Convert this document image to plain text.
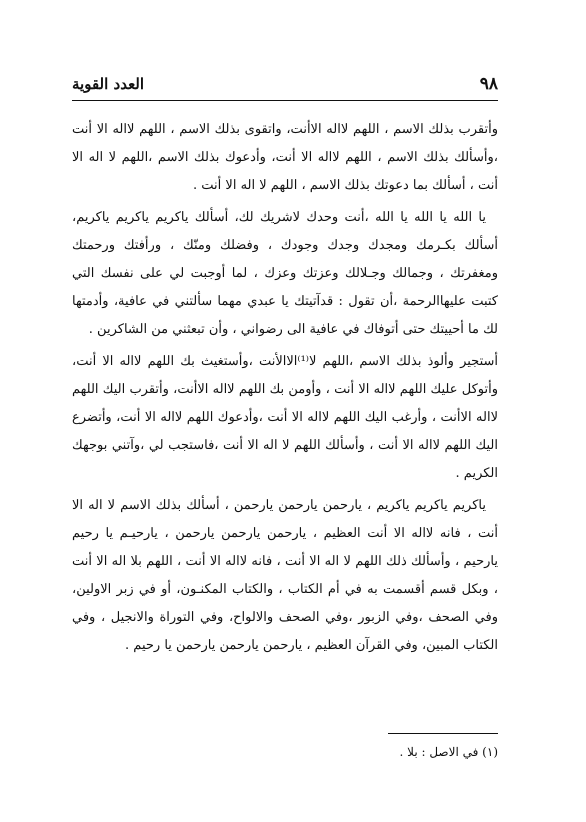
٩٨
العدد القوية

وأتقرب بذلك الاسم ، اللهم لااله الاأنت، واتقوى بذلك الاسم ، اللهم لااله الا أنت ،وأسألك بذلك الاسم ، اللهم لااله الا أنت، وأدعوك بذلك الاسم ،اللهم لا اله الا أنت ، أسألك بما دعوتك بذلك الاسم ، اللهم لا اله الا أنت .

يا الله يا الله يا الله ،أنت وحدك لاشريك لك، أسألك ياكريم ياكريم ياكريم، أسألك بكـرمك ومجدك وجدك وجودك ، وفضلك ومنّك ، ورأفتك ورحمتك ومغفرتك ، وجمالك وجـلالك وعزتك وعزك ، لما أوجبت لي على نفسك التي كتبت عليهاالرحمة ،أن تقول : قدآتيتك يا عبدي مهما سألتني في عافية، وأدمتها لك ما أحييتك حتى أتوفاك في عافية الى رضواني ، وأن تبعثني من الشاكرين .

أستجير وألوذ بذلك الاسم ،اللهم لا⁽¹⁾الاالأنت ،وأستغيث بك اللهم لااله الا أنت، وأتوكل عليك اللهم لااله الا أنت ، وأومن بك اللهم لااله الاأنت، وأتقرب اليك اللهم لااله الاأنت ، وأرغب اليك اللهم لااله الا أنت ،وأدعوك اللهم لااله الا أنت، وأتضرع اليك اللهم لااله الا أنت ، وأسألك اللهم لا اله الا أنت ،فاستجب لي ،وآتني بوجهك الكريم .

ياكريم ياكريم ياكريم ، يارحمن يارحمن يارحمن ، أسألك بذلك الاسم لا اله الا أنت ، فانه لااله الا أنت العظيم ، يارحمن يارحمن يارحمن ، يارحيـم يا رحيم يارحيم ، وأسألك ذلك اللهم لا اله الا أنت ، فانه لااله الا أنت ، اللهم بلا اله الا أنت ، وبكل قسم أقسمت به في أم الكتاب ، والكتاب المكنـون، أو في زبر الاولين، وفي الصحف ،وفي الزبور ،وفي الصحف والالواح، وفي التوراة والانجيل ، وفي الكتاب المبين، وفي القرآن العظيم ، يارحمن يارحمن يارحمن يا رحيم .

(١) في الاصل : بلا .
